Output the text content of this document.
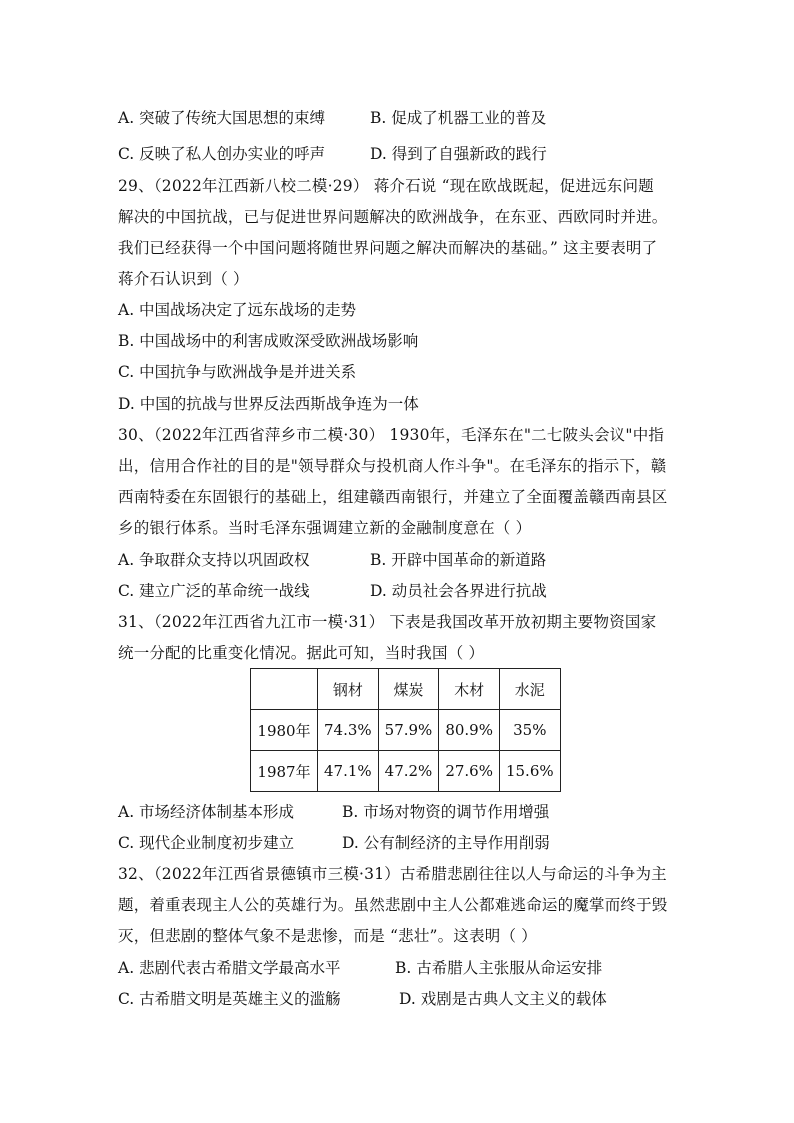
A. 突破了传统大国思想的束缚	B. 促成了机器工业的普及
C. 反映了私人创办实业的呼声	D. 得到了自强新政的践行
29、（2022年江西新八校二模·29） 蒋介石说 “现在欧战既起，促进远东问题
解决的中国抗战，已与促进世界问题解决的欧洲战争，在东亚、西欧同时并进。
我们已经获得一个中国问题将随世界问题之解决而解决的基础。” 这主要表明了
蒋介石认识到（ ）
A. 中国战场决定了远东战场的走势
B. 中国战场中的利害成败深受欧洲战场影响
C. 中国抗争与欧洲战争是并进关系
D. 中国的抗战与世界反法西斯战争连为一体
30、（2022年江西省萍乡市二模·30） 1930年，毛泽东在"二七陂头会议"中指
出，信用合作社的目的是"领导群众与投机商人作斗争"。在毛泽东的指示下，赣
西南特委在东固银行的基础上，组建赣西南银行，并建立了全面覆盖赣西南县区
乡的银行体系。当时毛泽东强调建立新的金融制度意在（ ）
A. 争取群众支持以巩固政权	B. 开辟中国革命的新道路
C. 建立广泛的革命统一战线	D. 动员社会各界进行抗战
31、（2022年江西省九江市一模·31） 下表是我国改革开放初期主要物资国家
统一分配的比重变化情况。据此可知，当时我国（ ）
	钢材	煤炭	木材	水泥
1980年	74.3%	57.9%	80.9%	35%
1987年	47.1%	47.2%	27.6%	15.6%
A. 市场经济体制基本形成	B. 市场对物资的调节作用增强
C. 现代企业制度初步建立	D. 公有制经济的主导作用削弱
32、（2022年江西省景德镇市三模·31）古希腊悲剧往往以人与命运的斗争为主
题，着重表现主人公的英雄行为。虽然悲剧中主人公都难逃命运的魔掌而终于毁
灭，但悲剧的整体气象不是悲惨，而是 “悲壮”。这表明（ ）
A. 悲剧代表古希腊文学最高水平	B. 古希腊人主张服从命运安排
C. 古希腊文明是英雄主义的滥觞	D. 戏剧是古典人文主义的载体
